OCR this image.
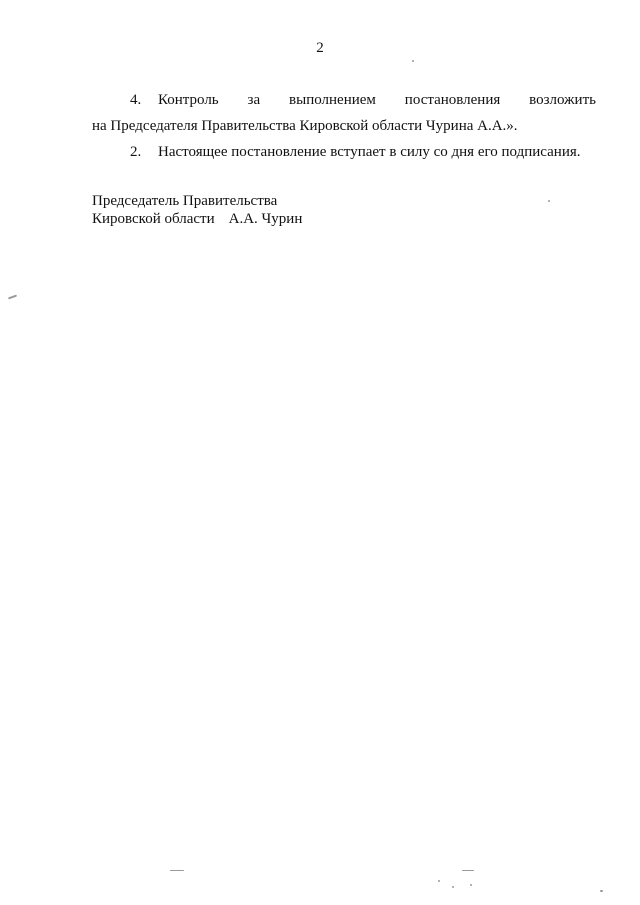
2
4. Контроль за выполнением постановления возложить
на Председателя Правительства Кировской области Чурина А.А.».
2. Настоящее постановление вступает в силу со дня его подписания.
Председатель Правительства
Кировской области А.А. Чурин
